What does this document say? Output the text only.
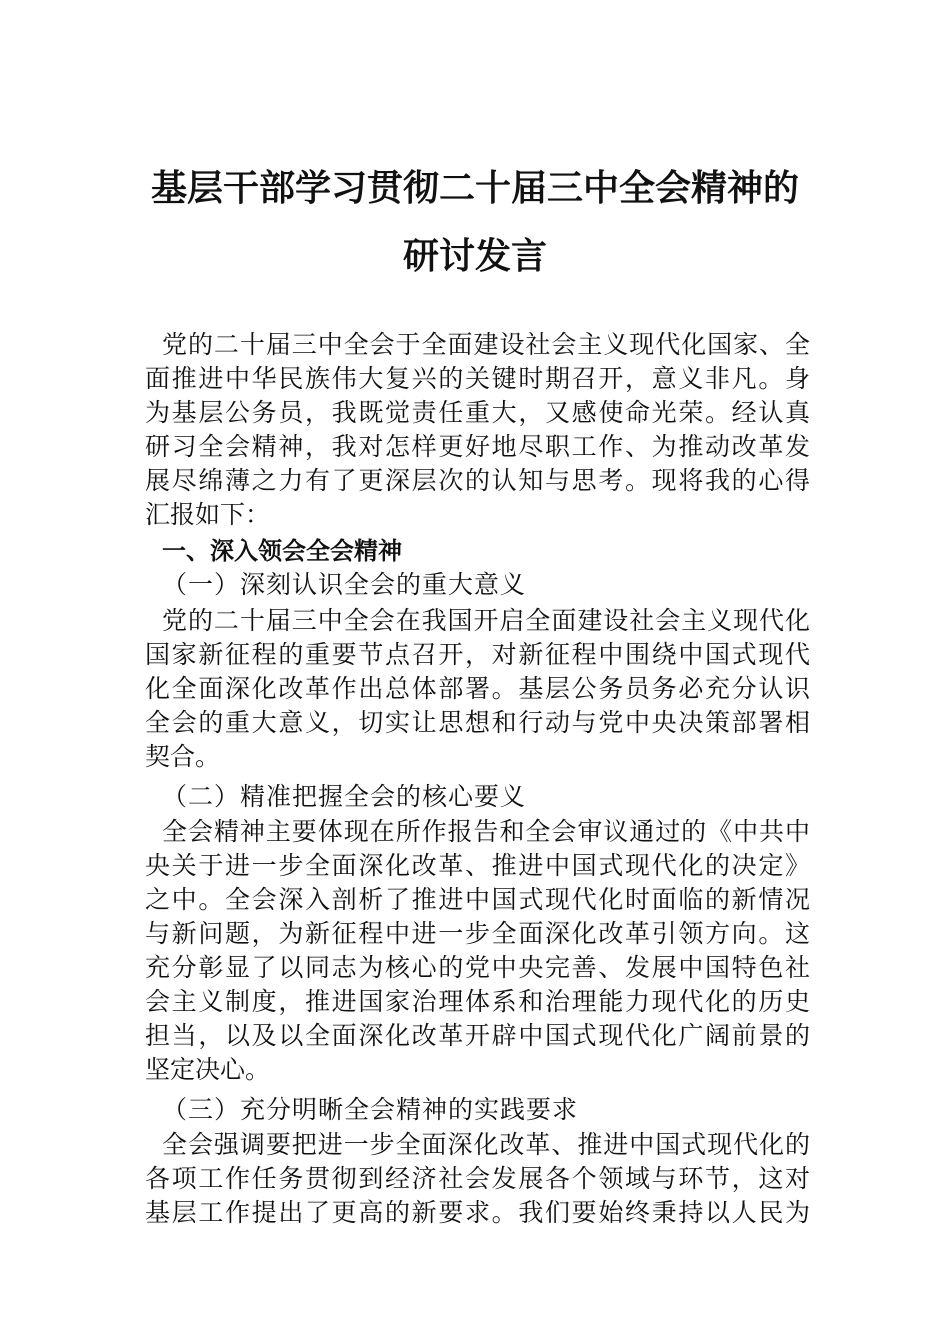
基层干部学习贯彻二十届三中全会精神的
研讨发言
党的二十届三中全会于全面建设社会主义现代化国家、全
面推进中华民族伟大复兴的关键时期召开，意义非凡。身
为基层公务员，我既觉责任重大，又感使命光荣。经认真
研习全会精神，我对怎样更好地尽职工作、为推动改革发
展尽绵薄之力有了更深层次的认知与思考。现将我的心得
汇报如下：
一、深入领会全会精神
（一）深刻认识全会的重大意义
党的二十届三中全会在我国开启全面建设社会主义现代化
国家新征程的重要节点召开，对新征程中围绕中国式现代
化全面深化改革作出总体部署。基层公务员务必充分认识
全会的重大意义，切实让思想和行动与党中央决策部署相
契合。
（二）精准把握全会的核心要义
全会精神主要体现在所作报告和全会审议通过的《中共中
央关于进一步全面深化改革、推进中国式现代化的决定》
之中。全会深入剖析了推进中国式现代化时面临的新情况
与新问题，为新征程中进一步全面深化改革引领方向。这
充分彰显了以同志为核心的党中央完善、发展中国特色社
会主义制度，推进国家治理体系和治理能力现代化的历史
担当，以及以全面深化改革开辟中国式现代化广阔前景的
坚定决心。
（三）充分明晰全会精神的实践要求
全会强调要把进一步全面深化改革、推进中国式现代化的
各项工作任务贯彻到经济社会发展各个领域与环节，这对
基层工作提出了更高的新要求。我们要始终秉持以人民为
